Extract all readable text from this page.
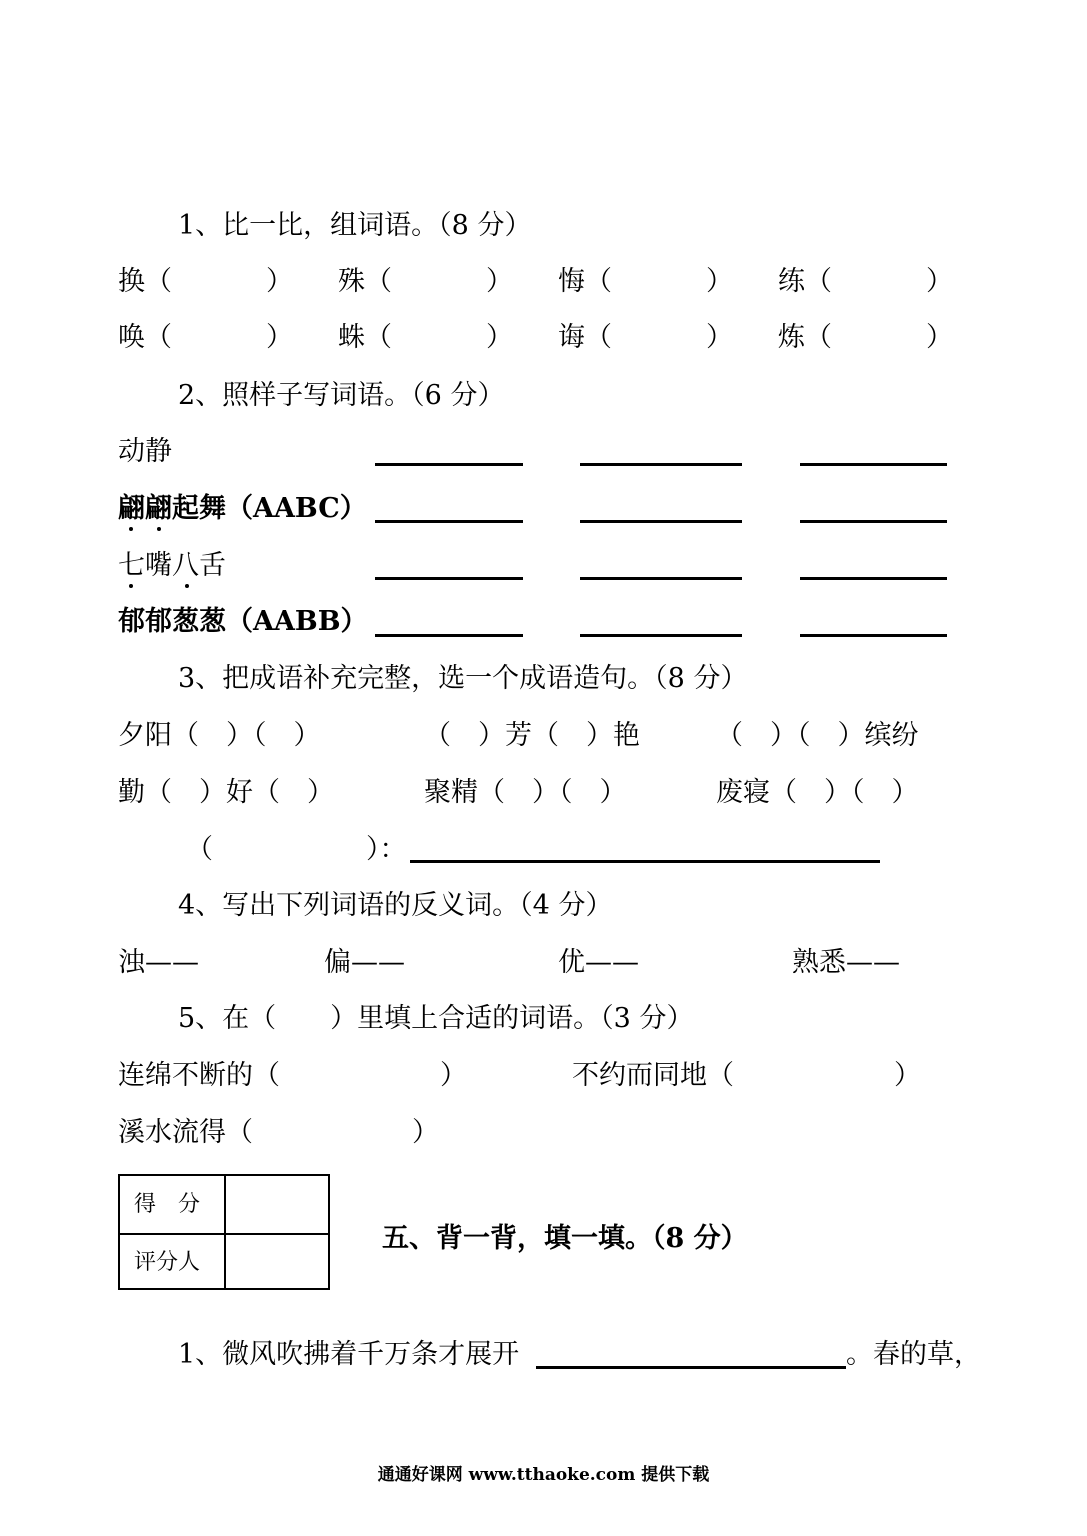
1、比一比，组词语。（8 分）
换（	） 殊（	） 悔（	） 练（	）
唤（	） 蛛（	） 诲（	） 炼（	）
2、照样子写词语。（6 分）
动静
翩翩起舞（AABC）
七嘴八舌
郁郁葱葱（AABB）
3、把成语补充完整，选一个成语造句。（8 分）
夕阳（　）（　）	（　）芳（　）艳	（　）（　）缤纷
勤（　）好（　）	聚精（　）（　）	废寝（　）（　）
（	）：
4、写出下列词语的反义词。（4 分）
浊——	偏——	优——	熟悉——
5、在（　　）里填上合适的词语。（3 分）
连绵不断的（	）	不约而同地（	）
溪水流得（	）
得　分
评分人
五、背一背，填一填。（8 分）
1、微风吹拂着千万条才展开	。春的草，
通通好课网 www.tthaoke.com 提供下载
